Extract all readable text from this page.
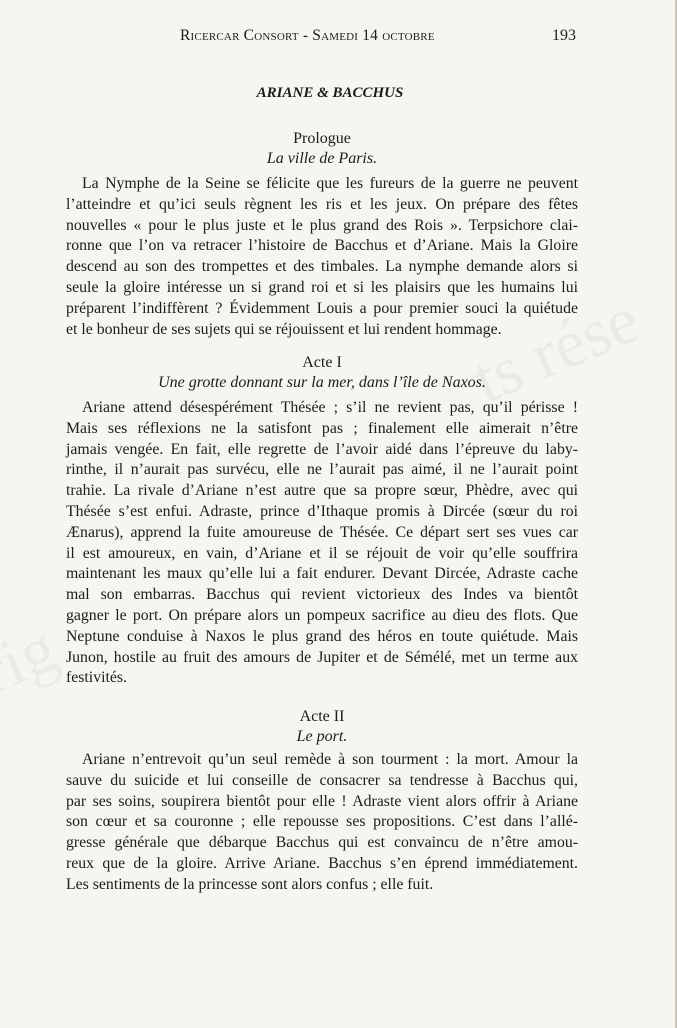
Ricercar Consort - Samedi 14 octobre	193
ARIANE & BACCHUS
Prologue
La ville de Paris.
La Nymphe de la Seine se félicite que les fureurs de la guerre ne peuvent
l’atteindre et qu’ici seuls règnent les ris et les jeux. On prépare des fêtes
nouvelles « pour le plus juste et le plus grand des Rois ». Terpsichore clai-
ronne que l’on va retracer l’histoire de Bacchus et d’Ariane. Mais la Gloire
descend au son des trompettes et des timbales. La nymphe demande alors si
seule la gloire intéresse un si grand roi et si les plaisirs que les humains lui
préparent l’indiffèrent ? Évidemment Louis a pour premier souci la quiétude
et le bonheur de ses sujets qui se réjouissent et lui rendent hommage.
Acte I
Une grotte donnant sur la mer, dans l’île de Naxos.
Ariane attend désespérément Thésée ; s’il ne revient pas, qu’il périsse !
Mais ses réflexions ne la satisfont pas ; finalement elle aimerait n’être
jamais vengée. En fait, elle regrette de l’avoir aidé dans l’épreuve du laby-
rinthe, il n’aurait pas survécu, elle ne l’aurait pas aimé, il ne l’aurait point
trahie. La rivale d’Ariane n’est autre que sa propre sœur, Phèdre, avec qui
Thésée s’est enfui. Adraste, prince d’Ithaque promis à Dircée (sœur du roi
Ænarus), apprend la fuite amoureuse de Thésée. Ce départ sert ses vues car
il est amoureux, en vain, d’Ariane et il se réjouit de voir qu’elle souffrira
maintenant les maux qu’elle lui a fait endurer. Devant Dircée, Adraste cache
mal son embarras. Bacchus qui revient victorieux des Indes va bientôt
gagner le port. On prépare alors un pompeux sacrifice au dieu des flots. Que
Neptune conduise à Naxos le plus grand des héros en toute quiétude. Mais
Junon, hostile au fruit des amours de Jupiter et de Sémélé, met un terme aux
festivités.
Acte II
Le port.
Ariane n’entrevoit qu’un seul remède à son tourment : la mort. Amour la
sauve du suicide et lui conseille de consacrer sa tendresse à Bacchus qui,
par ses soins, soupirera bientôt pour elle ! Adraste vient alors offrir à Ariane
son cœur et sa couronne ; elle repousse ses propositions. C’est dans l’allé-
gresse générale que débarque Bacchus qui est convaincu de n’être amou-
reux que de la gloire. Arrive Ariane. Bacchus s’en éprend immédiatement.
Les sentiments de la princesse sont alors confus ; elle fuit.
